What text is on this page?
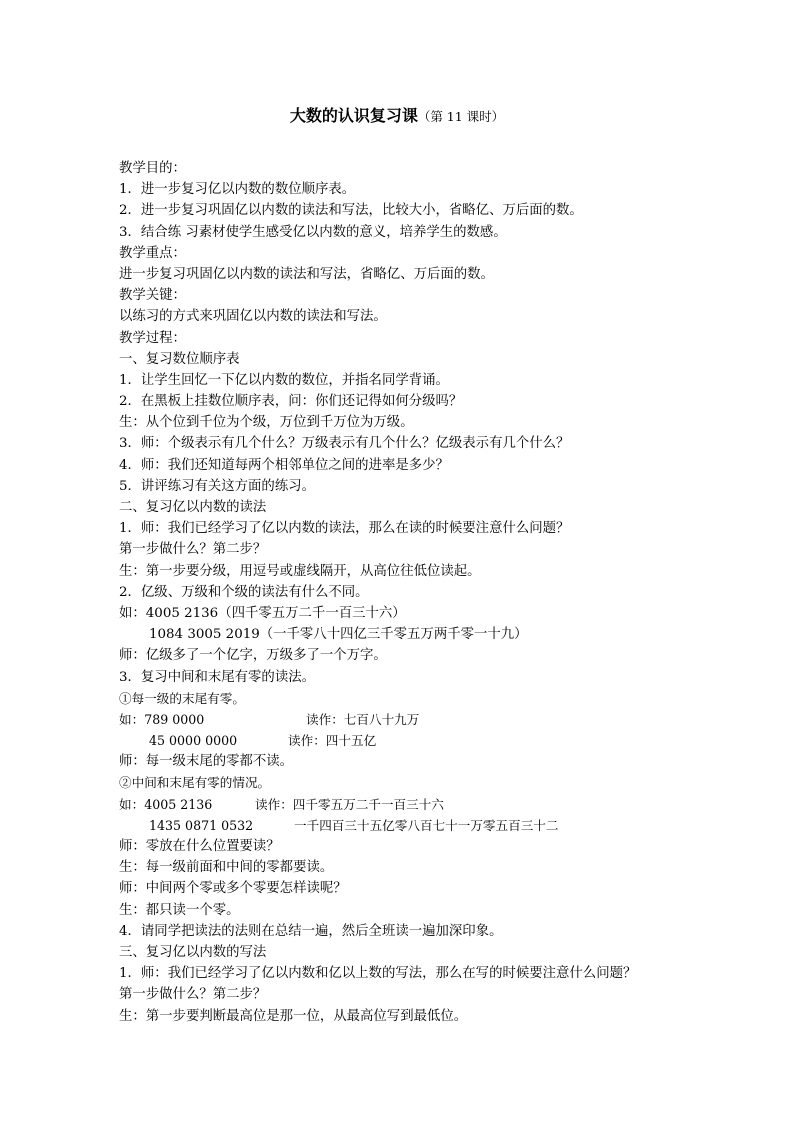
大数的认识复习课（第 11 课时）
教学目的：
1．进一步复习亿以内数的数位顺序表。
2．进一步复习巩固亿以内数的读法和写法，比较大小，省略亿、万后面的数。
3．结合练 习素材使学生感受亿以内数的意义，培养学生的数感。
教学重点：
进一步复习巩固亿以内数的读法和写法，省略亿、万后面的数。
教学关键：
以练习的方式来巩固亿以内数的读法和写法。
教学过程：
一、复习数位顺序表
1．让学生回忆一下亿以内数的数位，并指名同学背诵。
2．在黑板上挂数位顺序表，问：你们还记得如何分级吗？
生：从个位到千位为个级，万位到千万位为万级。
3．师：个级表示有几个什么？万级表示有几个什么？亿级表示有几个什么？
4．师：我们还知道每两个相邻单位之间的进率是多少？
5．讲评练习有关这方面的练习。
二、复习亿以内数的读法
1．师：我们已经学习了亿以内数的读法，那么在读的时候要注意什么问题？
第一步做什么？第二步？
生：第一步要分级，用逗号或虚线隔开，从高位往低位读起。
2．亿级、万级和个级的读法有什么不同。
如：4005 2136（四千零五万二千一百三十六）
1084 3005 2019（一千零八十四亿三千零五万两千零一十九）
师：亿级多了一个亿字，万级多了一个万字。
3．复习中间和末尾有零的读法。
①每一级的末尾有零。
如：789 0000	读作：七百八十九万
45 0000 0000	读作：四十五亿
师：每一级末尾的零都不读。
②中间和末尾有零的情况。
如：4005 2136	读作：四千零五万二千一百三十六
1435 0871 0532	一千四百三十五亿零八百七十一万零五百三十二
师：零放在什么位置要读？
生：每一级前面和中间的零都要读。
师：中间两个零或多个零要怎样读呢？
生：都只读一个零。
4．请同学把读法的法则在总结一遍，然后全班读一遍加深印象。
三、复习亿以内数的写法
1．师：我们已经学习了亿以内数和亿以上数的写法，那么在写的时候要注意什么问题？
第一步做什么？第二步？
生：第一步要判断最高位是那一位，从最高位写到最低位。
